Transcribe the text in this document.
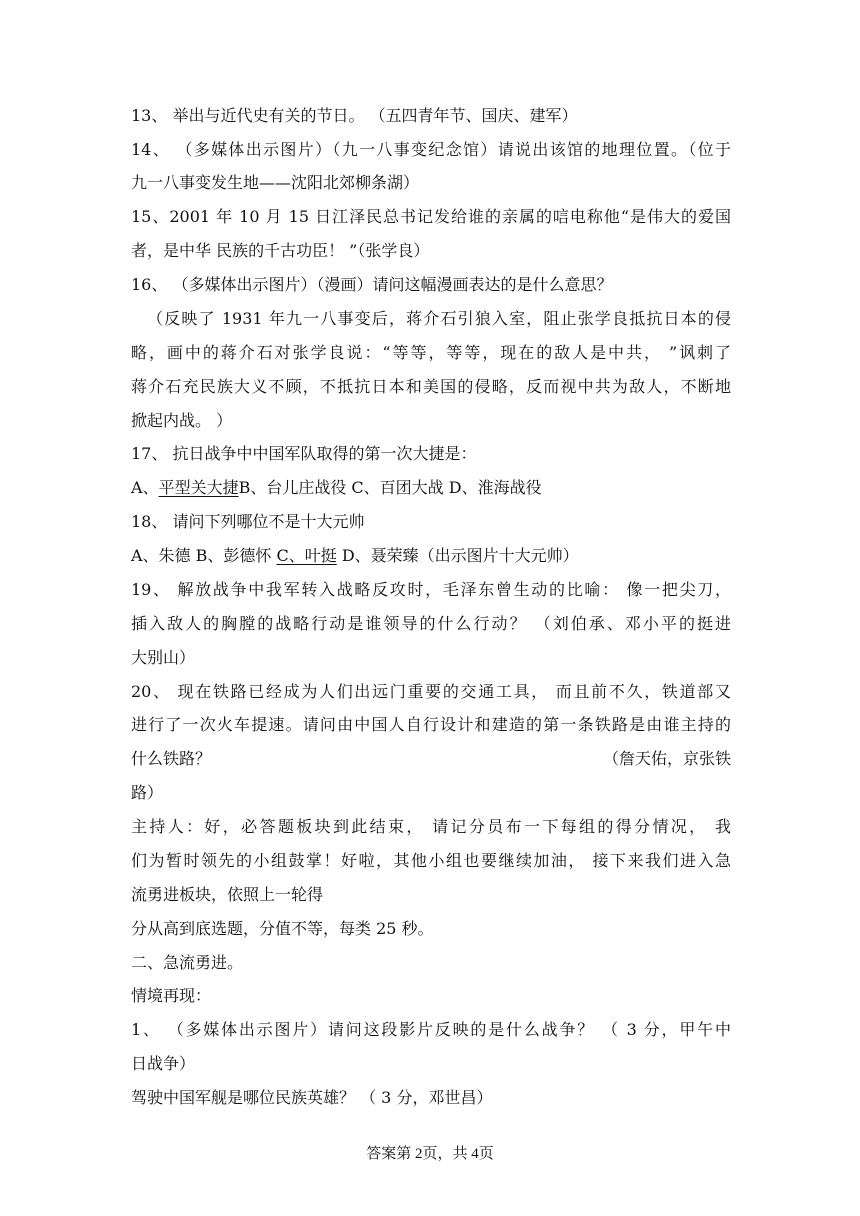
13、 举出与近代史有关的节日。 （五四青年节、国庆、建军）
14、 （多媒体出示图片）（九一八事变纪念馆）请说出该馆的地理位置。（位于
九一八事变发生地——沈阳北郊柳条湖）
15、2001 年 10 月 15 日江泽民总书记发给谁的亲属的唁电称他“是伟大的爱国
者，是中华 民族的千古功臣！ ”（张学良）
16、 （多媒体出示图片）（漫画）请问这幅漫画表达的是什么意思？
（反映了 1931 年九一八事变后，蒋介石引狼入室，阻止张学良抵抗日本的侵
略，画中的蒋介石对张学良说：“等等，等等，现在的敌人是中共， ”讽刺了
蒋介石充民族大义不顾，不抵抗日本和美国的侵略，反而视中共为敌人，不断地
掀起内战。 ）
17、 抗日战争中中国军队取得的第一次大捷是：
A、平型关大捷B、台儿庄战役 C、百团大战 D、淮海战役
18、 请问下列哪位不是十大元帅
A、朱德 B、彭德怀 C、叶挺 D、聂荣臻（出示图片十大元帅）
19、 解放战争中我军转入战略反攻时，毛泽东曾生动的比喻： 像一把尖刀，
插入敌人的胸膛的战略行动是谁领导的什么行动？ （刘伯承、邓小平的挺进
大别山）
20、 现在铁路已经成为人们出远门重要的交通工具， 而且前不久，铁道部又
进行了一次火车提速。请问由中国人自行设计和建造的第一条铁路是由谁主持的
什么铁路？	（詹天佑，京张铁
路）
主持人：好，必答题板块到此结束， 请记分员布一下每组的得分情况， 我
们为暂时领先的小组鼓掌！好啦，其他小组也要继续加油， 接下来我们进入急
流勇进板块，依照上一轮得
分从高到底选题，分值不等，每类 25 秒。
二、急流勇进。
情境再现：
1、 （多媒体出示图片）请问这段影片反映的是什么战争？ （ 3 分，甲午中
日战争）
驾驶中国军舰是哪位民族英雄？ （ 3 分，邓世昌）
答案第 2页，共 4页
